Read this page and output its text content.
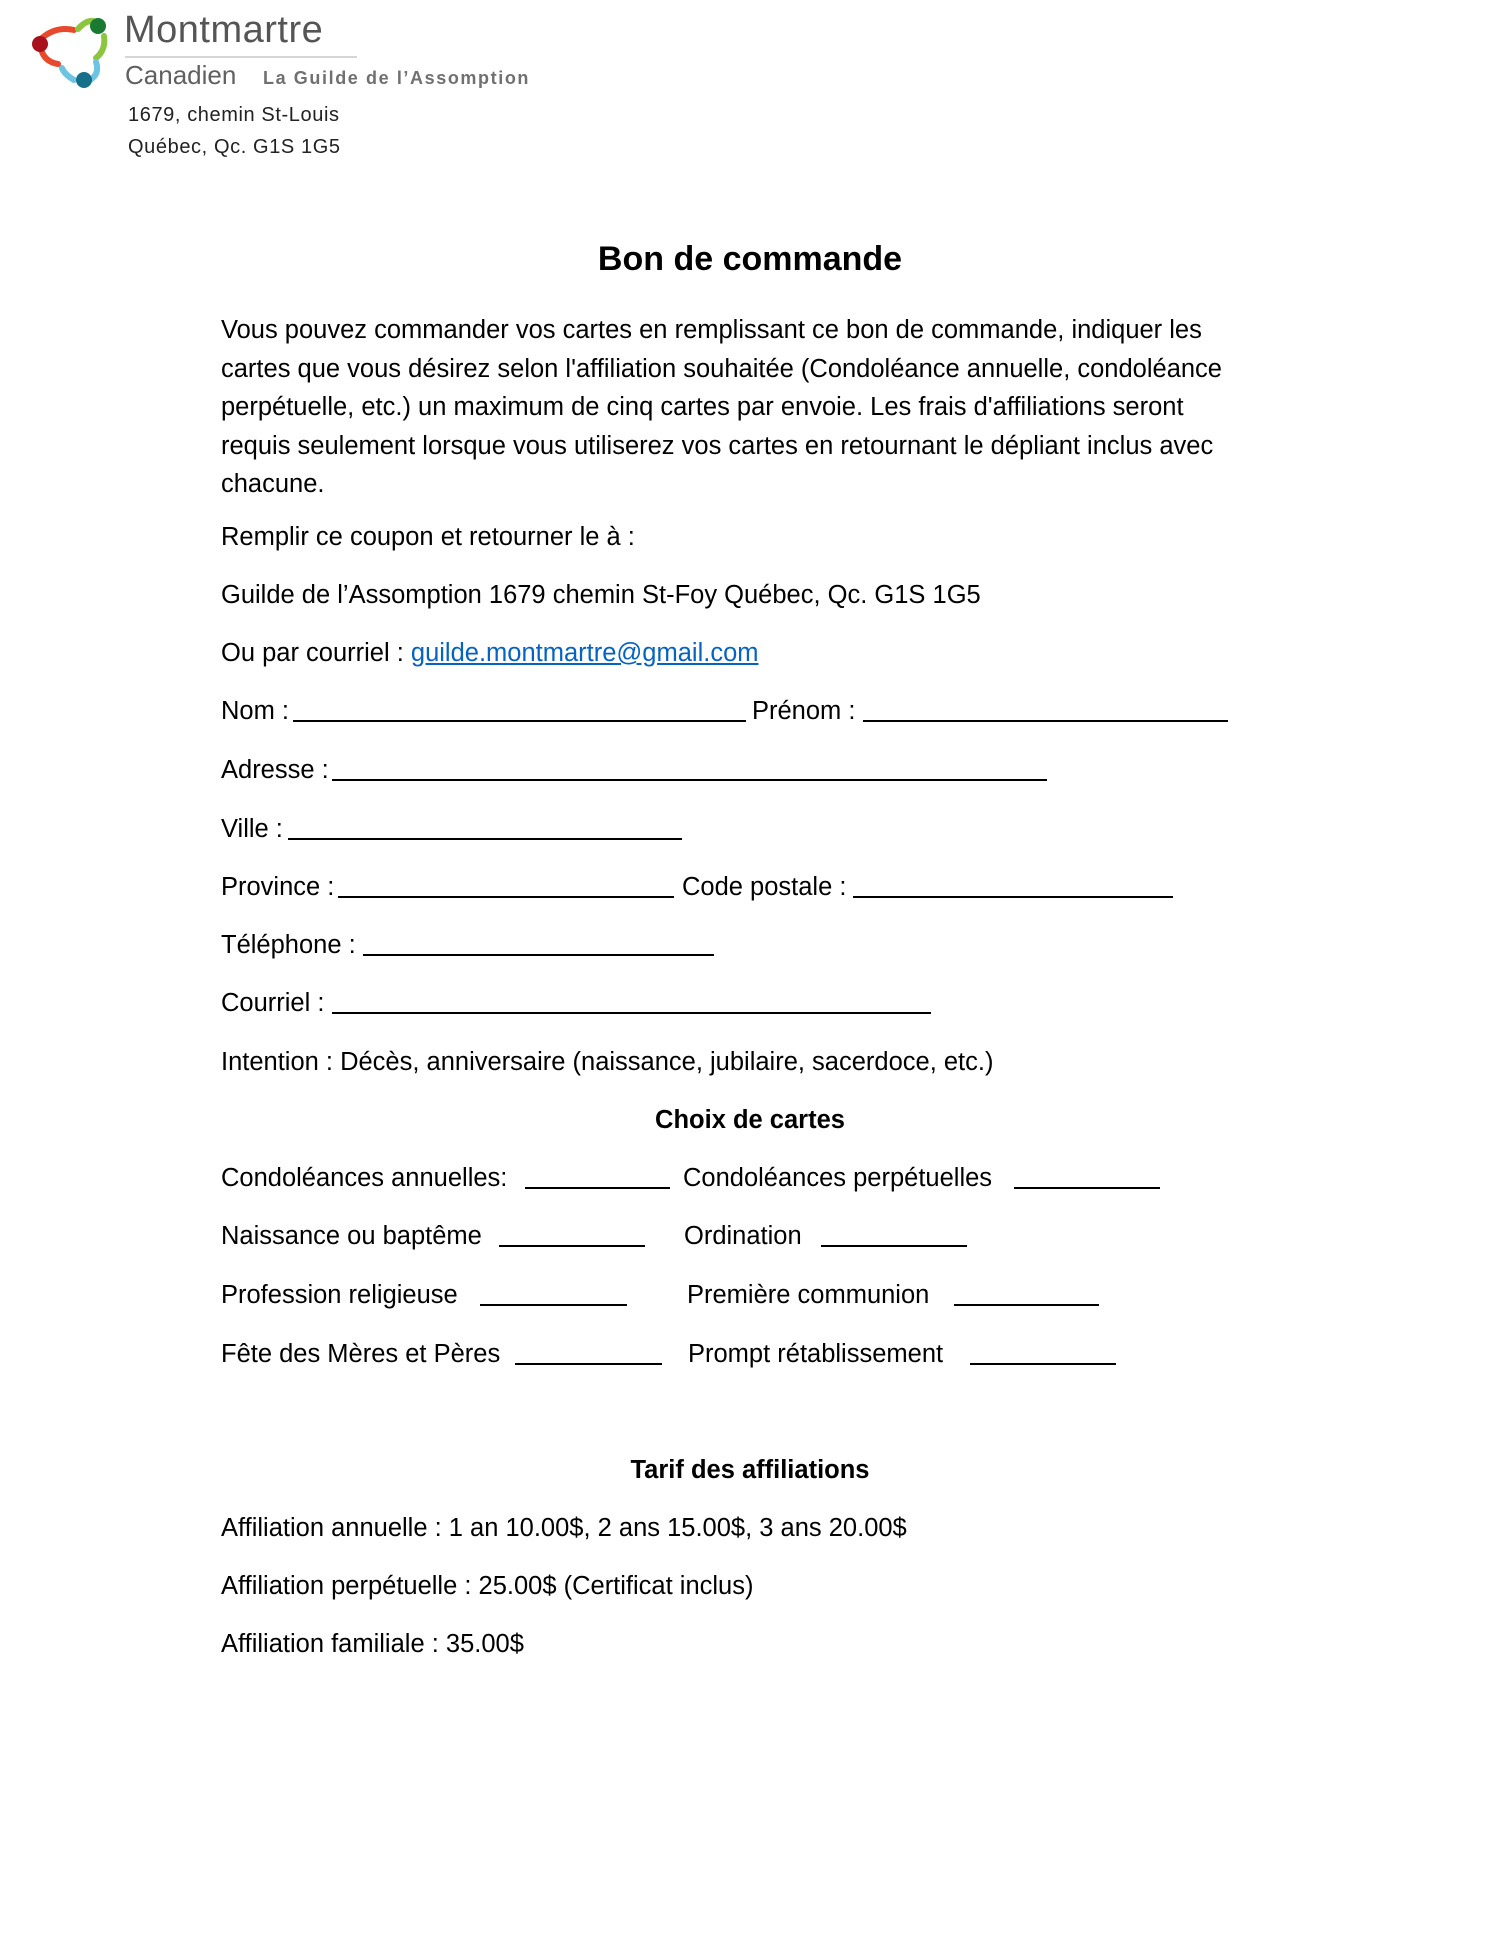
Montmartre
Canadien La Guilde de l’Assomption
1679, chemin St-Louis
Québec, Qc. G1S 1G5
Bon de commande
Vous pouvez commander vos cartes en remplissant ce bon de commande, indiquer les
cartes que vous désirez selon l'affiliation souhaitée (Condoléance annuelle, condoléance
perpétuelle, etc.) un maximum de cinq cartes par envoie. Les frais d'affiliations seront
requis seulement lorsque vous utiliserez vos cartes en retournant le dépliant inclus avec
chacune.
Remplir ce coupon et retourner le à :
Guilde de l’Assomption 1679 chemin St-Foy Québec, Qc. G1S 1G5
Ou par courriel : guilde.montmartre@gmail.com
Nom :	Prénom :
Adresse :
Ville :
Province :	Code postale :
Téléphone :
Courriel :
Intention : Décès, anniversaire (naissance, jubilaire, sacerdoce, etc.)
Choix de cartes
Condoléances annuelles:	Condoléances perpétuelles
Naissance ou baptême	Ordination
Profession religieuse	Première communion
Fête des Mères et Pères	Prompt rétablissement
Tarif des affiliations
Affiliation annuelle : 1 an 10.00$, 2 ans 15.00$, 3 ans 20.00$
Affiliation perpétuelle : 25.00$ (Certificat inclus)
Affiliation familiale : 35.00$
